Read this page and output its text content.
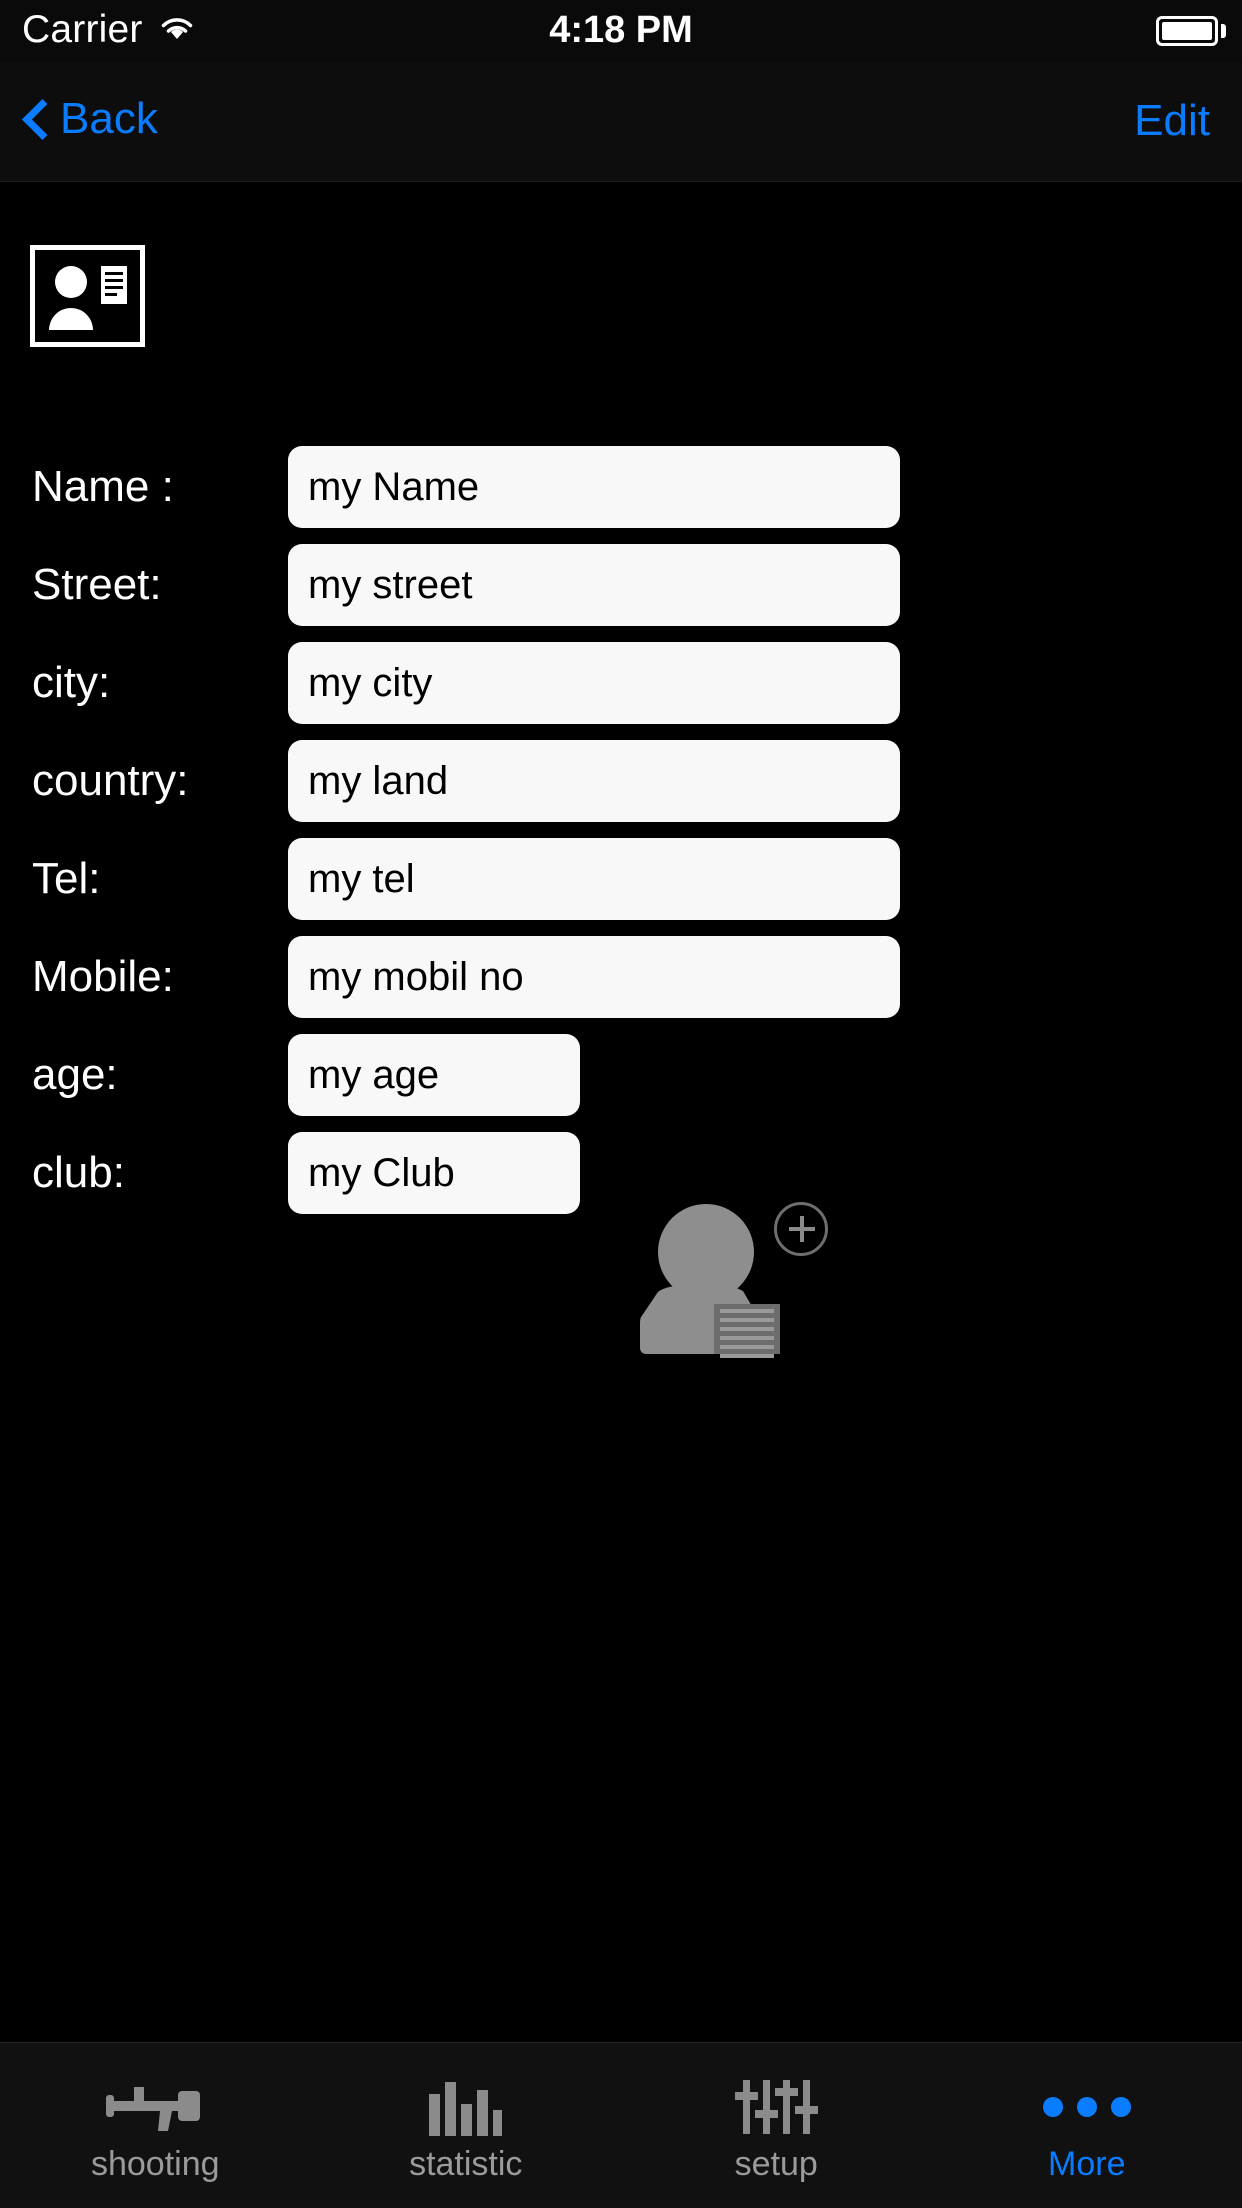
Carrier	4:18 PM
Back	Edit
Name :
my Name
Street:
my street
city:
my city
country:
my land
Tel:
my tel
Mobile:
my mobil no
age:
my age
club:
my Club
shooting	statistic	setup	More
